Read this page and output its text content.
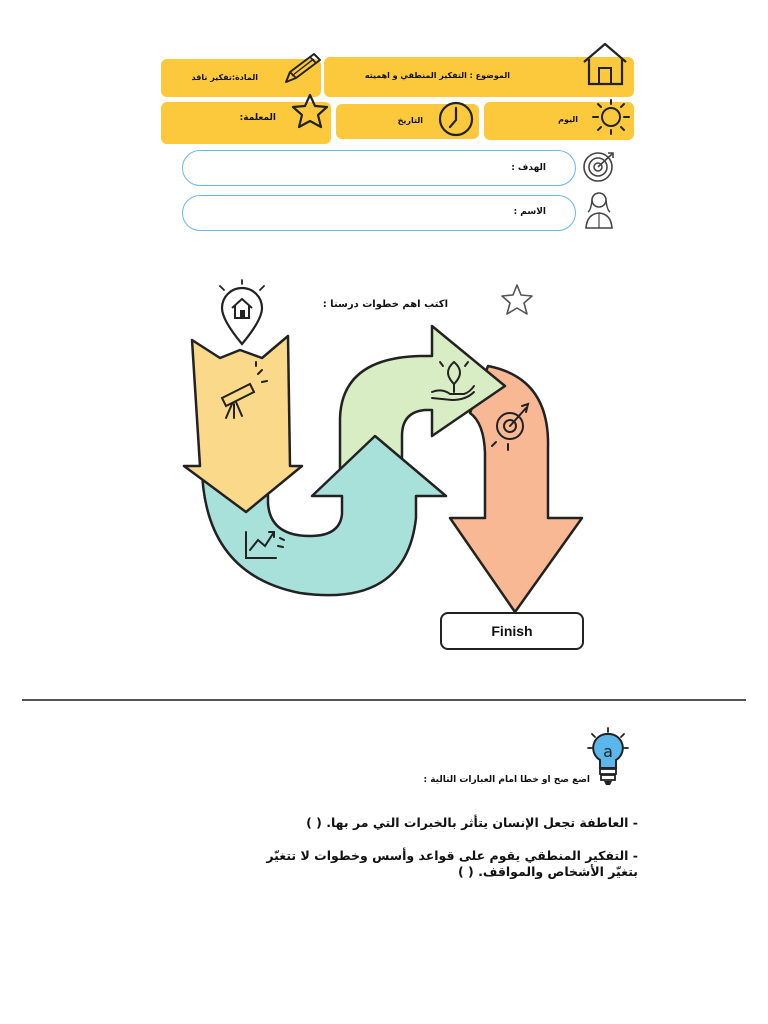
الموضوع : التفكير المنطقي و اهميته
المادة:تفكير ناقد
المعلمة:	التاريخ	اليوم
الهدف :
الاسم :
اكتب اهم خطوات درسنا :
Finish
a
اضع صح او خطا امام العبارات التالية :
- العاطفة تجعل الإنسان يتأثر بالخبرات التي مر بها. ( )
- التفكير المنطقي يقوم على قواعد وأسس وخطوات لا تتغيّر بتغيّر الأشخاص والمواقف. ( )
